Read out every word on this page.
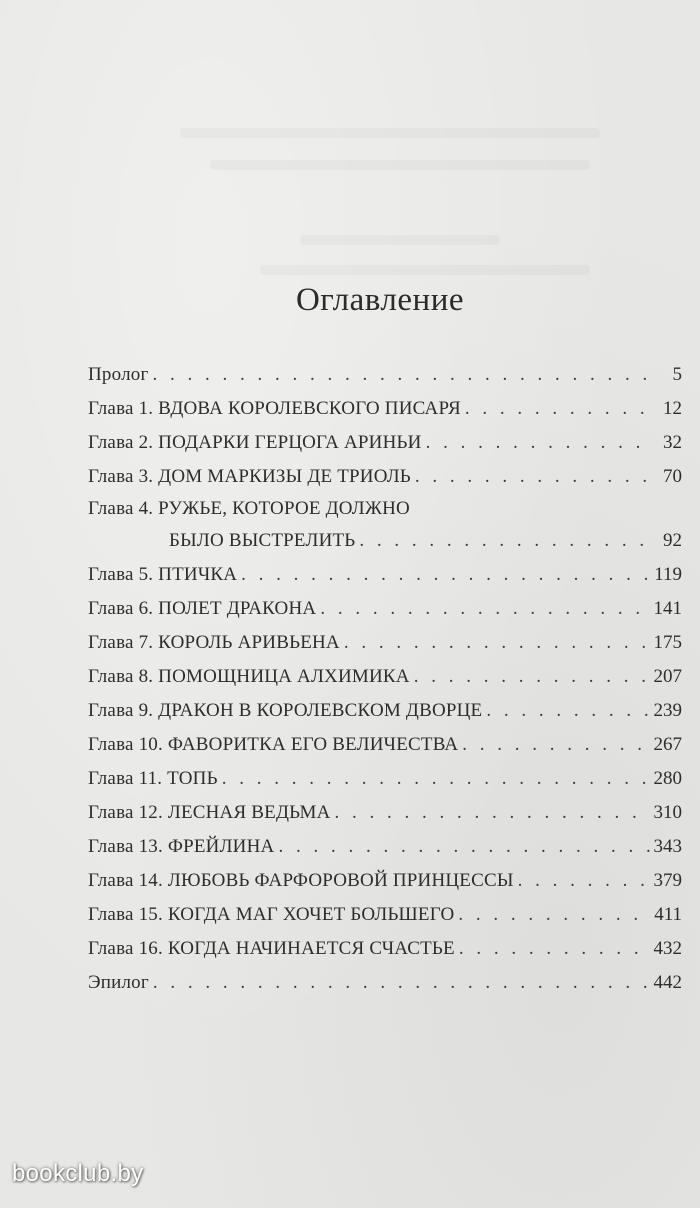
Оглавление
Пролог . . .	5
Глава 1. ВДОВА КОРОЛЕВСКОГО ПИСАРЯ . . .	12
Глава 2. ПОДАРКИ ГЕРЦОГА АРИНЬИ . . .	32
Глава 3. ДОМ МАРКИЗЫ ДЕ ТРИОЛЬ . . .	70
Глава 4. РУЖЬЕ, КОТОРОЕ ДОЛЖНО
БЫЛО ВЫСТРЕЛИТЬ . . .	92
Глава 5. ПТИЧКА . . .	119
Глава 6. ПОЛЕТ ДРАКОНА . . .	141
Глава 7. КОРОЛЬ АРИВЬЕНА . . .	175
Глава 8. ПОМОЩНИЦА АЛХИМИКА . . .	207
Глава 9. ДРАКОН В КОРОЛЕВСКОМ ДВОРЦЕ . . .	239
Глава 10. ФАВОРИТКА ЕГО ВЕЛИЧЕСТВА . . .	267
Глава 11. ТОПЬ . . .	280
Глава 12. ЛЕСНАЯ ВЕДЬМА . . .	310
Глава 13. ФРЕЙЛИНА . . .	343
Глава 14. ЛЮБОВЬ ФАРФОРОВОЙ ПРИНЦЕССЫ . . .	379
Глава 15. КОГДА МАГ ХОЧЕТ БОЛЬШЕГО . . .	411
Глава 16. КОГДА НАЧИНАЕТСЯ СЧАСТЬЕ . . .	432
Эпилог . . .	442
bookclub.by
